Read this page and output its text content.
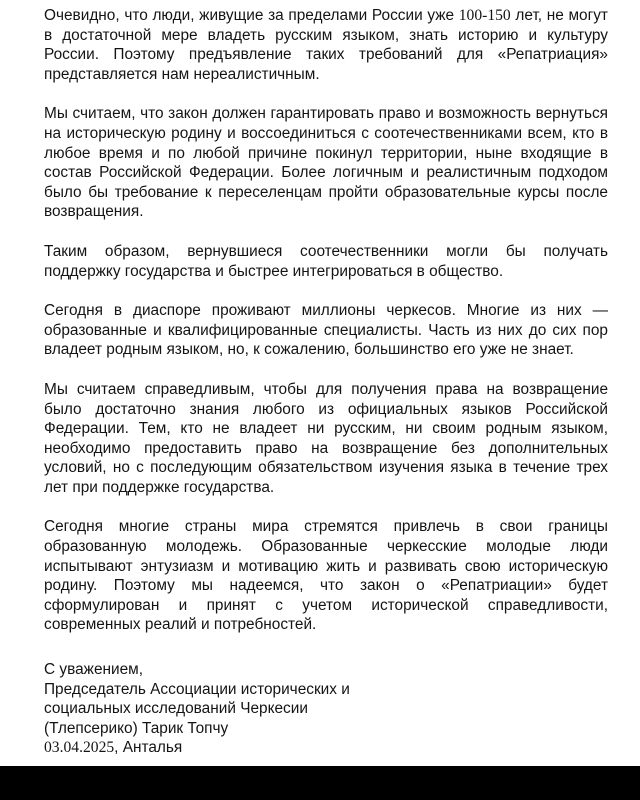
Очевидно, что люди, живущие за пределами России уже 100-150 лет, не могут в достаточной мере владеть русским языком, знать историю и культуру России. Поэтому предъявление таких требований для «Репатриация» представляется нам нереалистичным.

Мы считаем, что закон должен гарантировать право и возможность вернуться на историческую родину и воссоединиться с соотечественниками всем, кто в любое время и по любой причине покинул территории, ныне входящие в состав Российской Федерации. Более логичным и реалистичным подходом было бы требование к переселенцам пройти образовательные курсы после возвращения.

Таким образом, вернувшиеся соотечественники могли бы получать поддержку государства и быстрее интегрироваться в общество.

Сегодня в диаспоре проживают миллионы черкесов. Многие из них — образованные и квалифицированные специалисты. Часть из них до сих пор владеет родным языком, но, к сожалению, большинство его уже не знает.

Мы считаем справедливым, чтобы для получения права на возвращение было достаточно знания любого из официальных языков Российской Федерации. Тем, кто не владеет ни русским, ни своим родным языком, необходимо предоставить право на возвращение без дополнительных условий, но с последующим обязательством изучения языка в течение трех лет при поддержке государства.

Сегодня многие страны мира стремятся привлечь в свои границы образованную молодежь. Образованные черкесские молодые люди испытывают энтузиазм и мотивацию жить и развивать свою историческую родину. Поэтому мы надеемся, что закон о «Репатриации» будет сформулирован и принят с учетом исторической справедливости, современных реалий и потребностей.

С уважением,
Председатель Ассоциации исторических и
социальных исследований Черкесии
(Тлепсерико) Тарик Топчу
03.04.2025, Анталья
